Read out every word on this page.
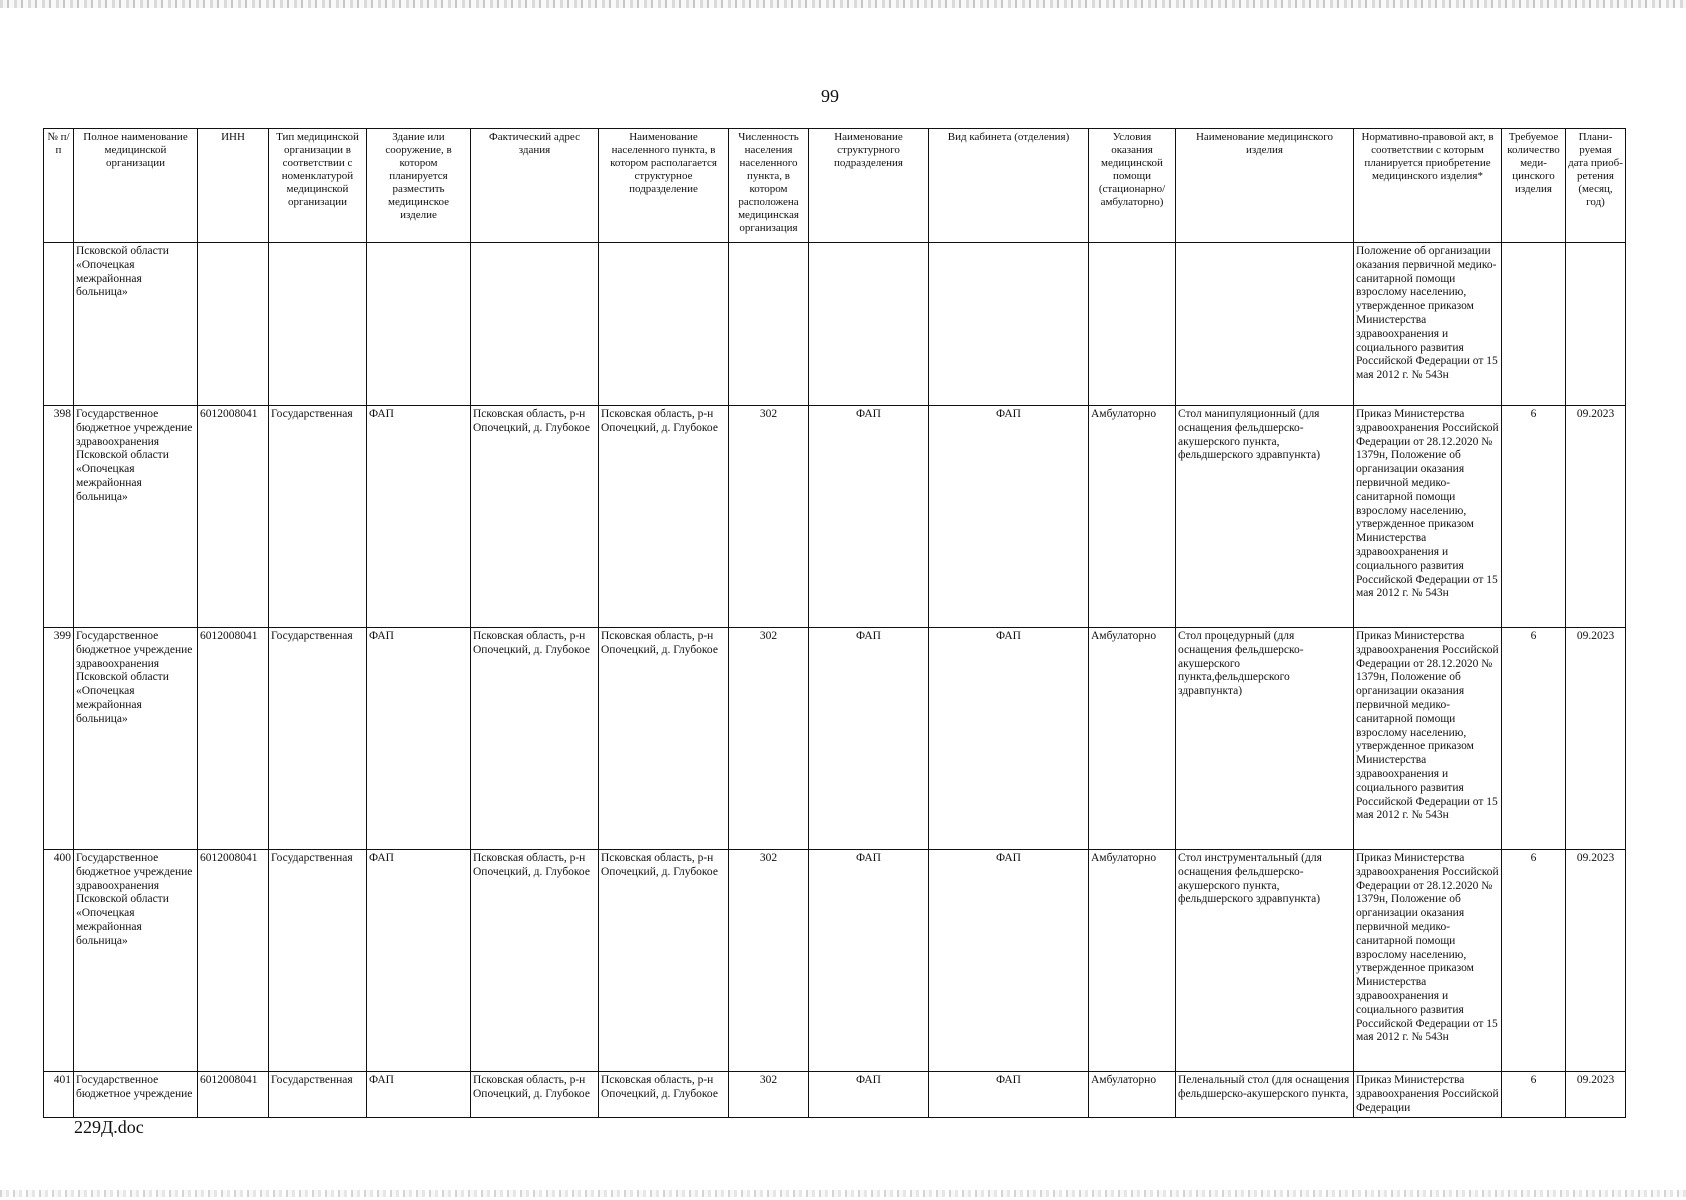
99
№ п/п	Полное наименование медицинской организации	ИНН	Тип медицинской организации в соответствии с номенклатурой медицинской организации	Здание или сооружение, в котором планируется разместить медицинское изделие	Фактический адрес здания	Наименование населенного пункта, в котором располагается структурное подразделение	Численность населения населенного пункта, в котором расположена медицинская организация	Наименование структурного подразделения	Вид кабинета (отделения)	Условия оказания медицинской помощи (стационарно/ амбулаторно)	Наименование медицинского изделия	Нормативно-правовой акт, в соответствии с которым планируется приобретение медицинского изделия*	Требуемое количество меди-цинского изделия	Плани-руемая дата приоб-ретения (месяц, год)
	Псковской области «Опочецкая межрайонная больница»											Положение об организации оказания первичной медико-санитарной помощи взрослому населению, утвержденное приказом Министерства здравоохранения и социального развития Российской Федерации от 15 мая 2012 г. № 543н		
398	Государственное бюджетное учреждение здравоохранения Псковской области «Опочецкая межрайонная больница»	6012008041	Государственная	ФАП	Псковская область, р-н Опочецкий, д. Глубокое	Псковская область, р-н Опочецкий, д. Глубокое	302	ФАП	ФАП	Амбулаторно	Стол манипуляционный (для оснащения фельдшерско-акушерского пункта, фельдшерского здравпункта)	Приказ Министерства здравоохранения Российской Федерации от 28.12.2020 № 1379н, Положение об организации оказания первичной медико-санитарной помощи взрослому населению, утвержденное приказом Министерства здравоохранения и социального развития Российской Федерации от 15 мая 2012 г. № 543н	6	09.2023
399	Государственное бюджетное учреждение здравоохранения Псковской области «Опочецкая межрайонная больница»	6012008041	Государственная	ФАП	Псковская область, р-н Опочецкий, д. Глубокое	Псковская область, р-н Опочецкий, д. Глубокое	302	ФАП	ФАП	Амбулаторно	Стол процедурный (для оснащения фельдшерско-акушерского пункта,фельдшерского здравпункта)	Приказ Министерства здравоохранения Российской Федерации от 28.12.2020 № 1379н, Положение об организации оказания первичной медико-санитарной помощи взрослому населению, утвержденное приказом Министерства здравоохранения и социального развития Российской Федерации от 15 мая 2012 г. № 543н	6	09.2023
400	Государственное бюджетное учреждение здравоохранения Псковской области «Опочецкая межрайонная больница»	6012008041	Государственная	ФАП	Псковская область, р-н Опочецкий, д. Глубокое	Псковская область, р-н Опочецкий, д. Глубокое	302	ФАП	ФАП	Амбулаторно	Стол инструментальный (для оснащения фельдшерско-акушерского пункта, фельдшерского здравпункта)	Приказ Министерства здравоохранения Российской Федерации от 28.12.2020 № 1379н, Положение об организации оказания первичной медико-санитарной помощи взрослому населению, утвержденное приказом Министерства здравоохранения и социального развития Российской Федерации от 15 мая 2012 г. № 543н	6	09.2023
401	Государственное бюджетное учреждение	6012008041	Государственная	ФАП	Псковская область, р-н Опочецкий, д. Глубокое	Псковская область, р-н Опочецкий, д. Глубокое	302	ФАП	ФАП	Амбулаторно	Пеленальный стол (для оснащения фельдшерско-акушерского пункта,	Приказ Министерства здравоохранения Российской Федерации	6	09.2023
229Д.doc
